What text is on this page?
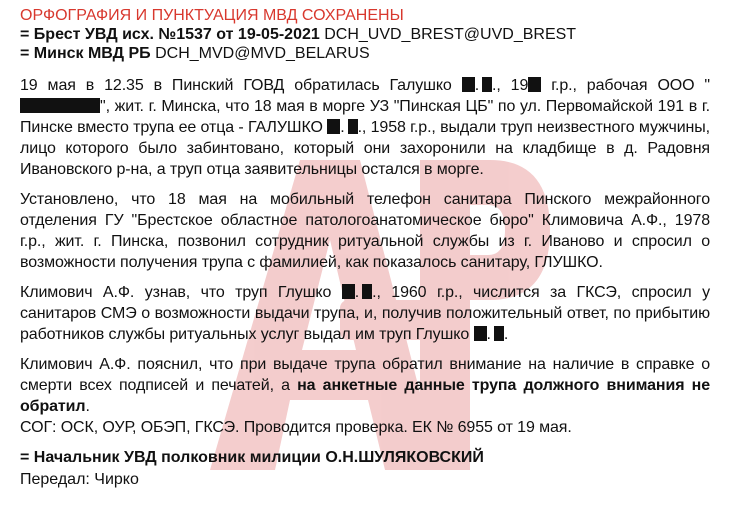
ОРФОГРАФИЯ И ПУНКТУАЦИЯ МВД СОХРАНЕНЫ
= Брест УВД исх. №1537 от 19-05-2021 DCH_UVD_BREST@UVD_BREST
= Минск МВД РБ DCH_MVD@MVD_BELARUS

19 мая в 12.35 в Пинский ГОВД обратилась Галушко . ., 19 г.р., рабочая ООО "", жит. г. Минска, что 18 мая в морге УЗ "Пинская ЦБ" по ул. Первомайской 191 в г. Пинске вместо трупа ее отца - ГАЛУШКО . ., 1958 г.р., выдали труп неизвестного мужчины, лицо которого было забинтовано, который они захоронили на кладбище в д. Радовня Ивановского р-на, а труп отца заявительницы остался в морге.

Установлено, что 18 мая на мобильный телефон санитара Пинского межрайонного отделения ГУ "Брестское областное патологоанатомическое бюро" Климовича А.Ф., 1978 г.р., жит. г. Пинска, позвонил сотрудник ритуальной службы из г. Иваново и спросил о возможности получения трупа с фамилией, как показалось санитару, ГЛУШКО.

Климович А.Ф. узнав, что труп Глушко . ., 1960 г.р., числится за ГКСЭ, спросил у санитаров СМЭ о возможности выдачи трупа, и, получив положительный ответ, по прибытию работников службы ритуальных услуг выдал им труп Глушко . .

Климович А.Ф. пояснил, что при выдаче трупа обратил внимание на наличие в справке о смерти всех подписей и печатей, а на анкетные данные трупа должного внимания не обратил.

СОГ: ОСК, ОУР, ОБЭП, ГКСЭ. Проводится проверка. ЕК № 6955 от 19 мая.

= Начальник УВД полковник милиции О.Н.ШУЛЯКОВСКИЙ
Передал: Чирко
